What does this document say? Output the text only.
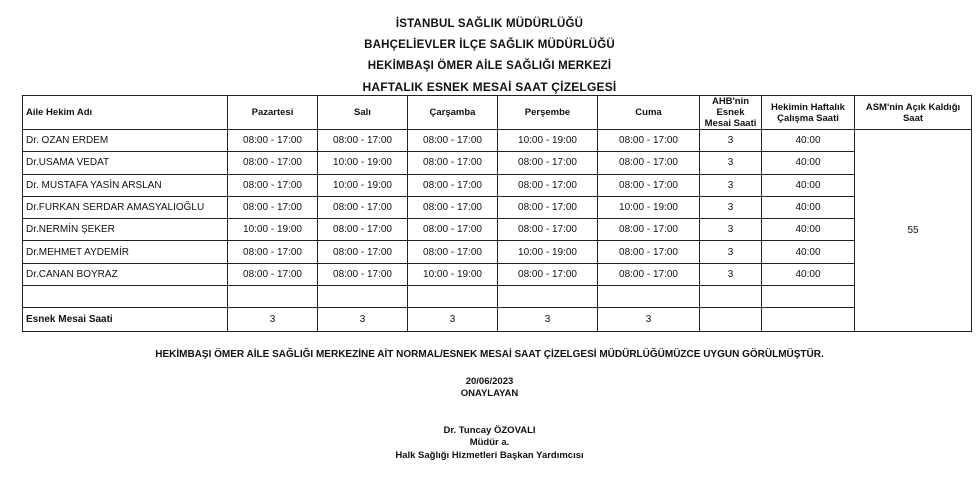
İSTANBUL SAĞLIK MÜDÜRLÜĞÜ
BAHÇELİEVLER İLÇE SAĞLIK MÜDÜRLÜĞÜ
HEKİMBAŞI ÖMER AİLE SAĞLIĞI MERKEZİ
HAFTALIK ESNEK MESAİ SAAT ÇİZELGESİ
Aile Hekim Adı	Pazartesi	Salı	Çarşamba	Perşembe	Cuma	AHB'nin Esnek Mesai Saati	Hekimin Haftalık Çalışma Saati	ASM'nin Açık Kaldığı Saat
Dr. OZAN ERDEM	08:00 - 17:00	08:00 - 17:00	08:00 - 17:00	10:00 - 19:00	08:00 - 17:00	3	40:00	55
Dr.USAMA VEDAT	08:00 - 17:00	10:00 - 19:00	08:00 - 17:00	08:00 - 17:00	08:00 - 17:00	3	40:00	
Dr. MUSTAFA YASİN ARSLAN	08:00 - 17:00	10:00 - 19:00	08:00 - 17:00	08:00 - 17:00	08:00 - 17:00	3	40:00	
Dr.FURKAN SERDAR AMASYALIOĞLU	08:00 - 17:00	08:00 - 17:00	08:00 - 17:00	08:00 - 17:00	10:00 - 19:00	3	40:00	
Dr.NERMİN ŞEKER	10:00 - 19:00	08:00 - 17:00	08:00 - 17:00	08:00 - 17:00	08:00 - 17:00	3	40:00	
Dr.MEHMET AYDEMİR	08:00 - 17:00	08:00 - 17:00	08:00 - 17:00	10:00 - 19:00	08:00 - 17:00	3	40:00	
Dr.CANAN BOYRAZ	08:00 - 17:00	08:00 - 17:00	10:00 - 19:00	08:00 - 17:00	08:00 - 17:00	3	40:00	

Esnek Mesai Saati	3	3	3	3	3			
HEKİMBAŞI ÖMER AİLE SAĞLIĞI MERKEZİNE AİT NORMAL/ESNEK MESAİ SAAT ÇİZELGESİ MÜDÜRLÜĞÜMÜZCE UYGUN GÖRÜLMÜŞTÜR.
20/06/2023
ONAYLAYAN
Dr. Tuncay ÖZOVALI
Müdür a.
Halk Sağlığı Hizmetleri Başkan Yardımcısı
